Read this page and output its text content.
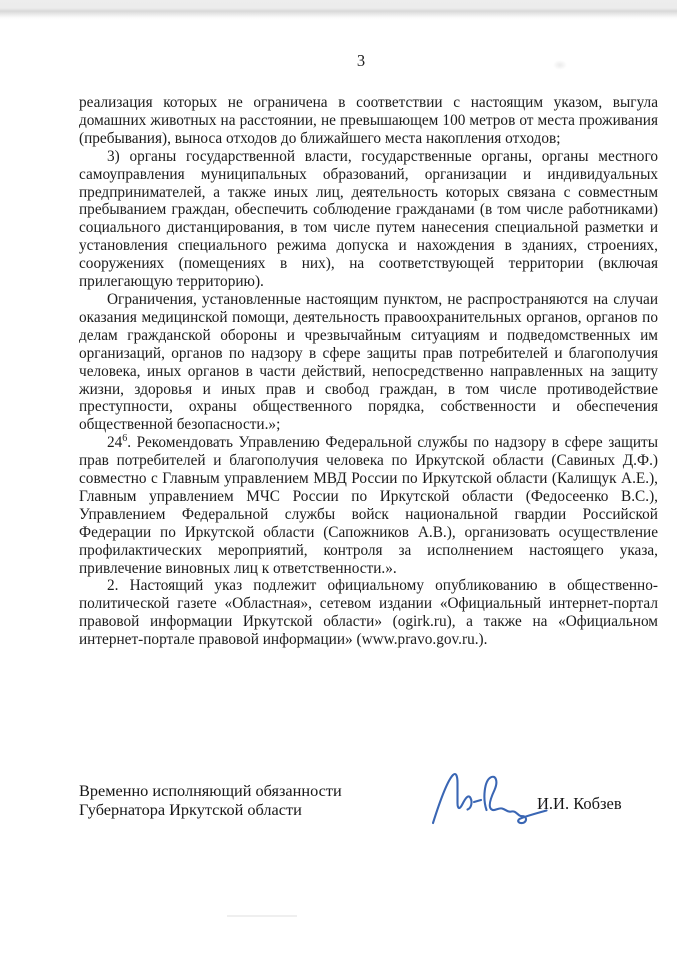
3

реализация которых не ограничена в соответствии с настоящим указом, выгула домашних животных на расстоянии, не превышающем 100 метров от места проживания (пребывания), выноса отходов до ближайшего места накопления отходов;

3) органы государственной власти, государственные органы, органы местного самоуправления муниципальных образований, организации и индивидуальных предпринимателей, а также иных лиц, деятельность которых связана с совместным пребыванием граждан, обеспечить соблюдение гражданами (в том числе работниками) социального дистанцирования, в том числе путем нанесения специальной разметки и установления специального режима допуска и нахождения в зданиях, строениях, сооружениях (помещениях в них), на соответствующей территории (включая прилегающую территорию).

Ограничения, установленные настоящим пунктом, не распространяются на случаи оказания медицинской помощи, деятельность правоохранительных органов, органов по делам гражданской обороны и чрезвычайным ситуациям и подведомственных им организаций, органов по надзору в сфере защиты прав потребителей и благополучия человека, иных органов в части действий, непосредственно направленных на защиту жизни, здоровья и иных прав и свобод граждан, в том числе противодействие преступности, охраны общественного порядка, собственности и обеспечения общественной безопасности.»;

$24^6$. Рекомендовать Управлению Федеральной службы по надзору в сфере защиты прав потребителей и благополучия человека по Иркутской области (Савиных Д.Ф.) совместно с Главным управлением МВД России по Иркутской области (Калищук А.Е.), Главным управлением МЧС России по Иркутской области (Федосеенко В.С.), Управлением Федеральной службы войск национальной гвардии Российской Федерации по Иркутской области (Сапожников А.В.), организовать осуществление профилактических мероприятий, контроля за исполнением настоящего указа, привлечение виновных лиц к ответственности.».

2. Настоящий указ подлежит официальному опубликованию в общественно-политической газете «Областная», сетевом издании «Официальный интернет-портал правовой информации Иркутской области» (ogirk.ru), а также на «Официальном интернет-портале правовой информации» (www.pravo.gov.ru.).

Временно исполняющий обязанности
Губернатора Иркутской области	И.И. Кобзев
